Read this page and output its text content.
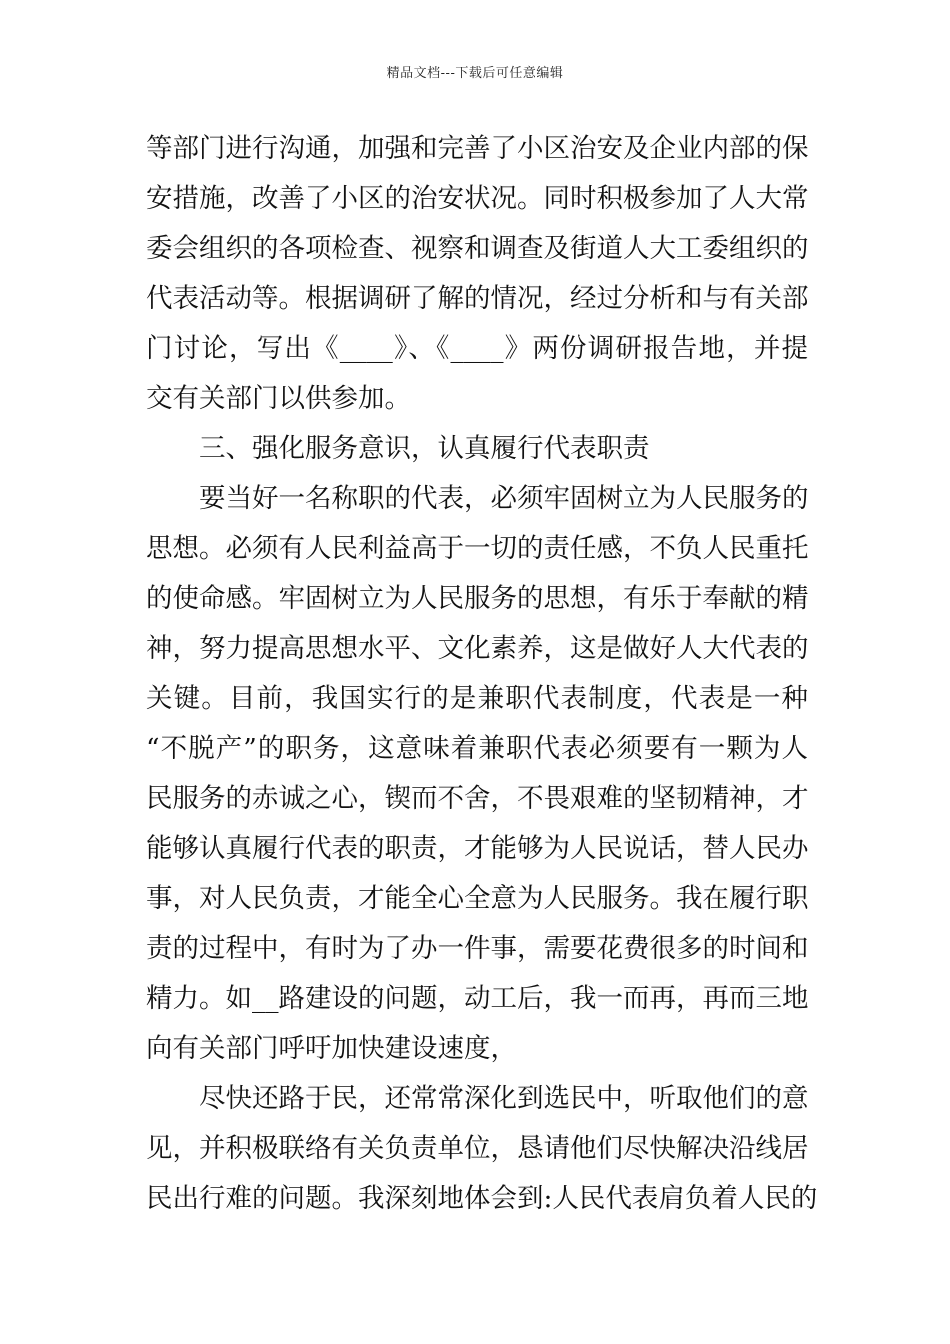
精品文档---下载后可任意编辑

等部门进行沟通，加强和完善了小区治安及企业内部的保
安措施，改善了小区的治安状况。同时积极参加了人大常
委会组织的各项检查、视察和调查及街道人大工委组织的
代表活动等。根据调研了解的情况，经过分析和与有关部
门讨论，写出《____》、《____》两份调研报告地，并提
交有关部门以供参加。

三、强化服务意识，认真履行代表职责

要当好一名称职的代表，必须牢固树立为人民服务的
思想。必须有人民利益高于一切的责任感，不负人民重托
的使命感。牢固树立为人民服务的思想，有乐于奉献的精
神，努力提高思想水平、文化素养，这是做好人大代表的
关键。目前，我国实行的是兼职代表制度，代表是一种
“不脱产”的职务，这意味着兼职代表必须要有一颗为人
民服务的赤诚之心，锲而不舍，不畏艰难的坚韧精神，才
能够认真履行代表的职责，才能够为人民说话，替人民办
事，对人民负责，才能全心全意为人民服务。我在履行职
责的过程中，有时为了办一件事，需要花费很多的时间和
精力。如__路建设的问题，动工后，我一而再，再而三地
向有关部门呼吁加快建设速度，

尽快还路于民，还常常深化到选民中，听取他们的意
见，并积极联络有关负责单位，恳请他们尽快解决沿线居
民出行难的问题。我深刻地体会到:人民代表肩负着人民的
